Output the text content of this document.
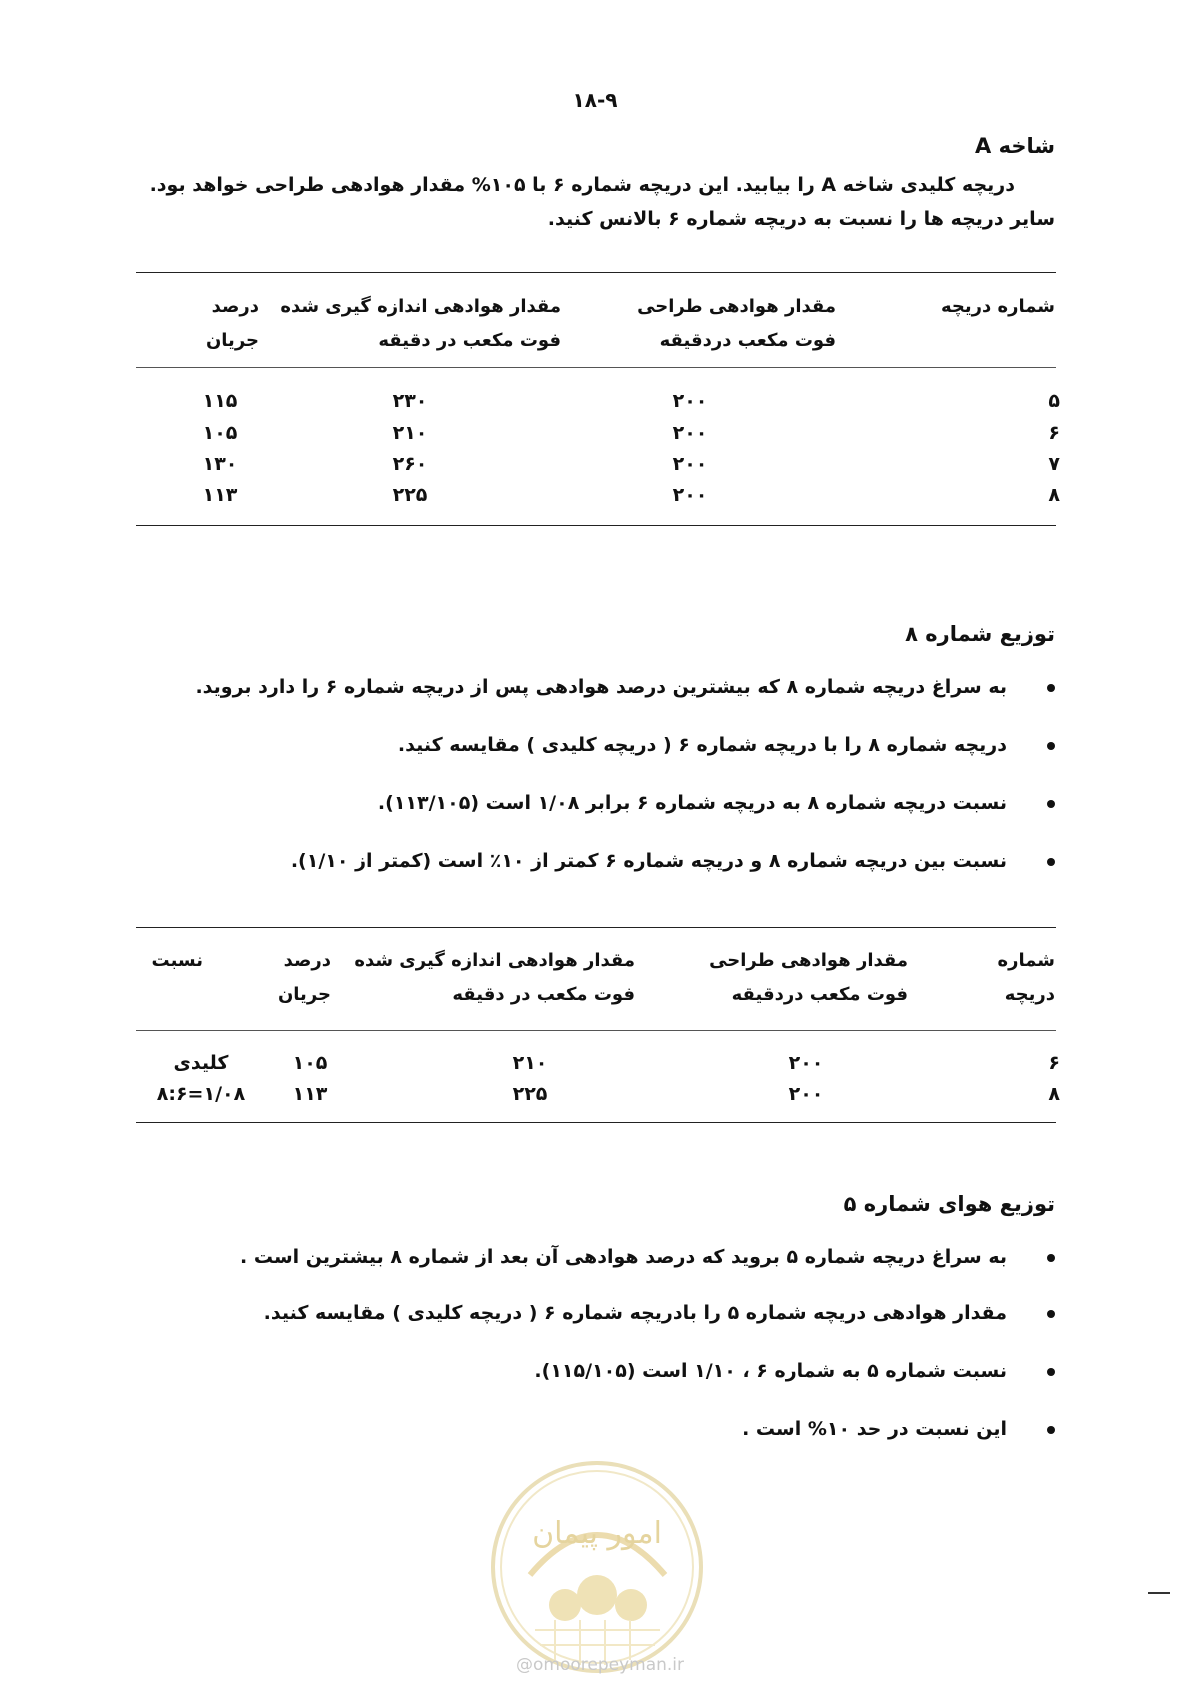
۱۸-۹
شاخه A

دریچه کلیدی شاخه A را بیابید. این دریچه شماره ۶ با ۱۰۵% مقدار هوادهی طراحی خواهد بود.

سایر دریچه ها را نسبت به دریچه شماره ۶ بالانس کنید.

شماره دریچه
مقدار هوادهی طراحی
فوت مکعب دردقیقه
مقدار هوادهی اندازه گیری شده
فوت مکعب در دقیقه
درصد
جریان
۵
۲۰۰
۲۳۰
۱۱۵
۶
۲۰۰
۲۱۰
۱۰۵
۷
۲۰۰
۲۶۰
۱۳۰
۸
۲۰۰
۲۲۵
۱۱۳
توزیع شماره ۸
به سراغ دریچه شماره ۸ که بیشترین درصد هوادهی پس از دریچه شماره ۶ را دارد بروید.
دریچه شماره ۸ را با دریچه شماره ۶ ( دریچه کلیدی ) مقایسه کنید.
نسبت دریچه شماره ۸ به دریچه شماره ۶ برابر ۱/۰۸ است (۱۱۳/۱۰۵).
نسبت بین دریچه شماره ۸ و دریچه شماره ۶ کمتر از ۱۰٪ است (کمتر از ۱/۱۰).
شماره
دریچه
مقدار هوادهی طراحی
فوت مکعب دردقیقه
مقدار هوادهی اندازه گیری شده
فوت مکعب در دقیقه
درصد
جریان
نسبت
۶
۲۰۰
۲۱۰
۱۰۵
کلیدی
۸
۲۰۰
۲۲۵
۱۱۳
۸:۶=۱/۰۸
توزیع هوای شماره ۵
به سراغ دریچه شماره ۵ بروید که درصد هوادهی آن بعد از شماره ۸ بیشترین است .
مقدار هوادهی دریچه شماره ۵ را بادریچه شماره ۶ ( دریچه کلیدی ) مقایسه کنید.
نسبت شماره ۵ به شماره ۶ ، ۱/۱۰ است (۱۱۵/۱۰۵).
این نسبت در حد ۱۰% است .
امور پیمان
@omoorepeyman.ir
